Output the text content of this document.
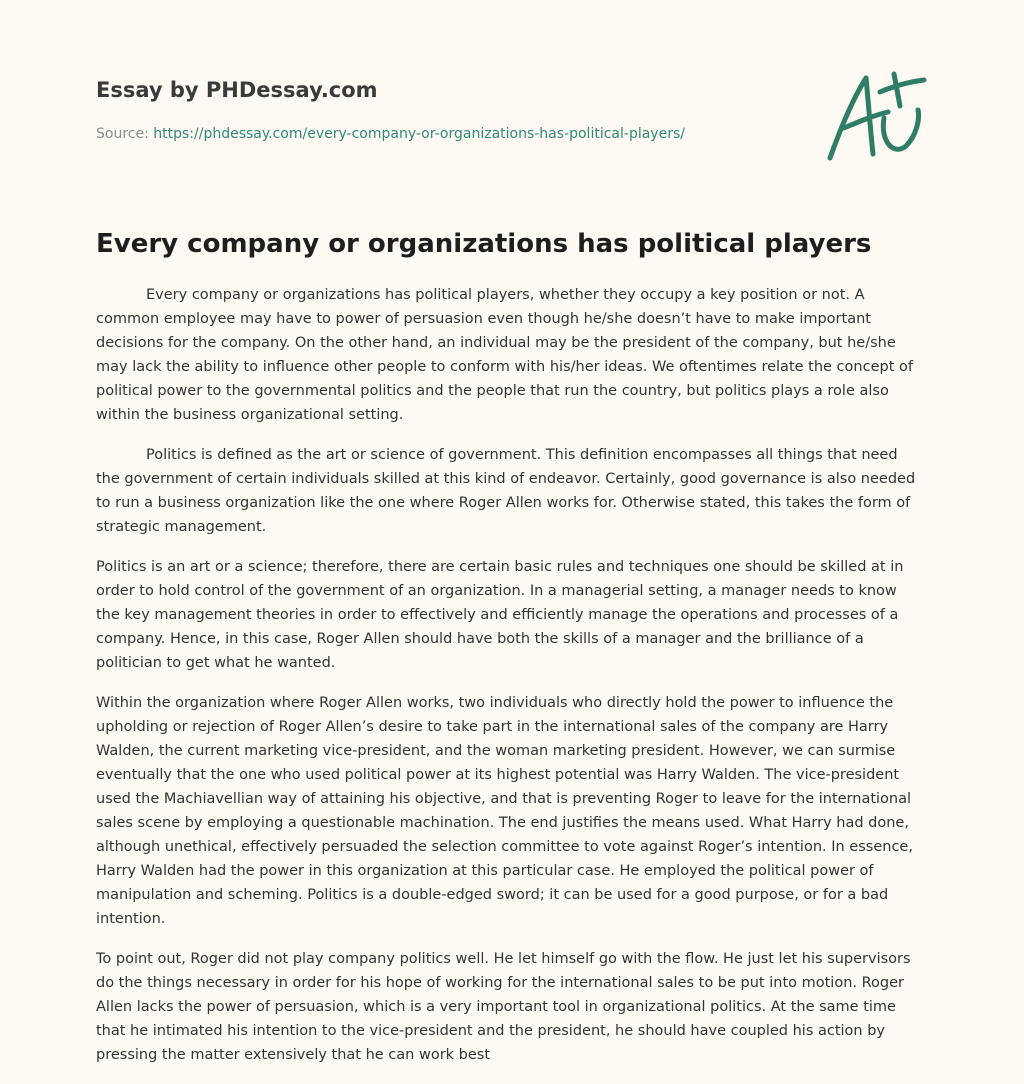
Essay by PHDessay.com
Source: https://phdessay.com/every-company-or-organizations-has-political-players/
Every company or organizations has political players

Every company or organizations has political players, whether they occupy a key position or not. A common employee may have to power of persuasion even though he/she doesn’t have to make important decisions for the company. On the other hand, an individual may be the president of the company, but he/she may lack the ability to influence other people to conform with his/her ideas. We oftentimes relate the concept of political power to the governmental politics and the people that run the country, but politics plays a role also within the business organizational setting.

Politics is defined as the art or science of government. This definition encompasses all things that need the government of certain individuals skilled at this kind of endeavor. Certainly, good governance is also needed to run a business organization like the one where Roger Allen works for. Otherwise stated, this takes the form of strategic management.

Politics is an art or a science; therefore, there are certain basic rules and techniques one should be skilled at in order to hold control of the government of an organization. In a managerial setting, a manager needs to know the key management theories in order to effectively and efficiently manage the operations and processes of a company. Hence, in this case, Roger Allen should have both the skills of a manager and the brilliance of a politician to get what he wanted.

Within the organization where Roger Allen works, two individuals who directly hold the power to influence the upholding or rejection of Roger Allen’s desire to take part in the international sales of the company are Harry Walden, the current marketing vice-president, and the woman marketing president. However, we can surmise eventually that the one who used political power at its highest potential was Harry Walden. The vice-president used the Machiavellian way of attaining his objective, and that is preventing Roger to leave for the international sales scene by employing a questionable machination. The end justifies the means used. What Harry had done, although unethical, effectively persuaded the selection committee to vote against Roger’s intention. In essence, Harry Walden had the power in this organization at this particular case. He employed the political power of manipulation and scheming. Politics is a double-edged sword; it can be used for a good purpose, or for a bad intention.

To point out, Roger did not play company politics well. He let himself go with the flow. He just let his supervisors do the things necessary in order for his hope of working for the international sales to be put into motion. Roger Allen lacks the power of persuasion, which is a very important tool in organizational politics. At the same time that he intimated his intention to the vice-president and the president, he should have coupled his action by pressing the matter extensively that he can work best
